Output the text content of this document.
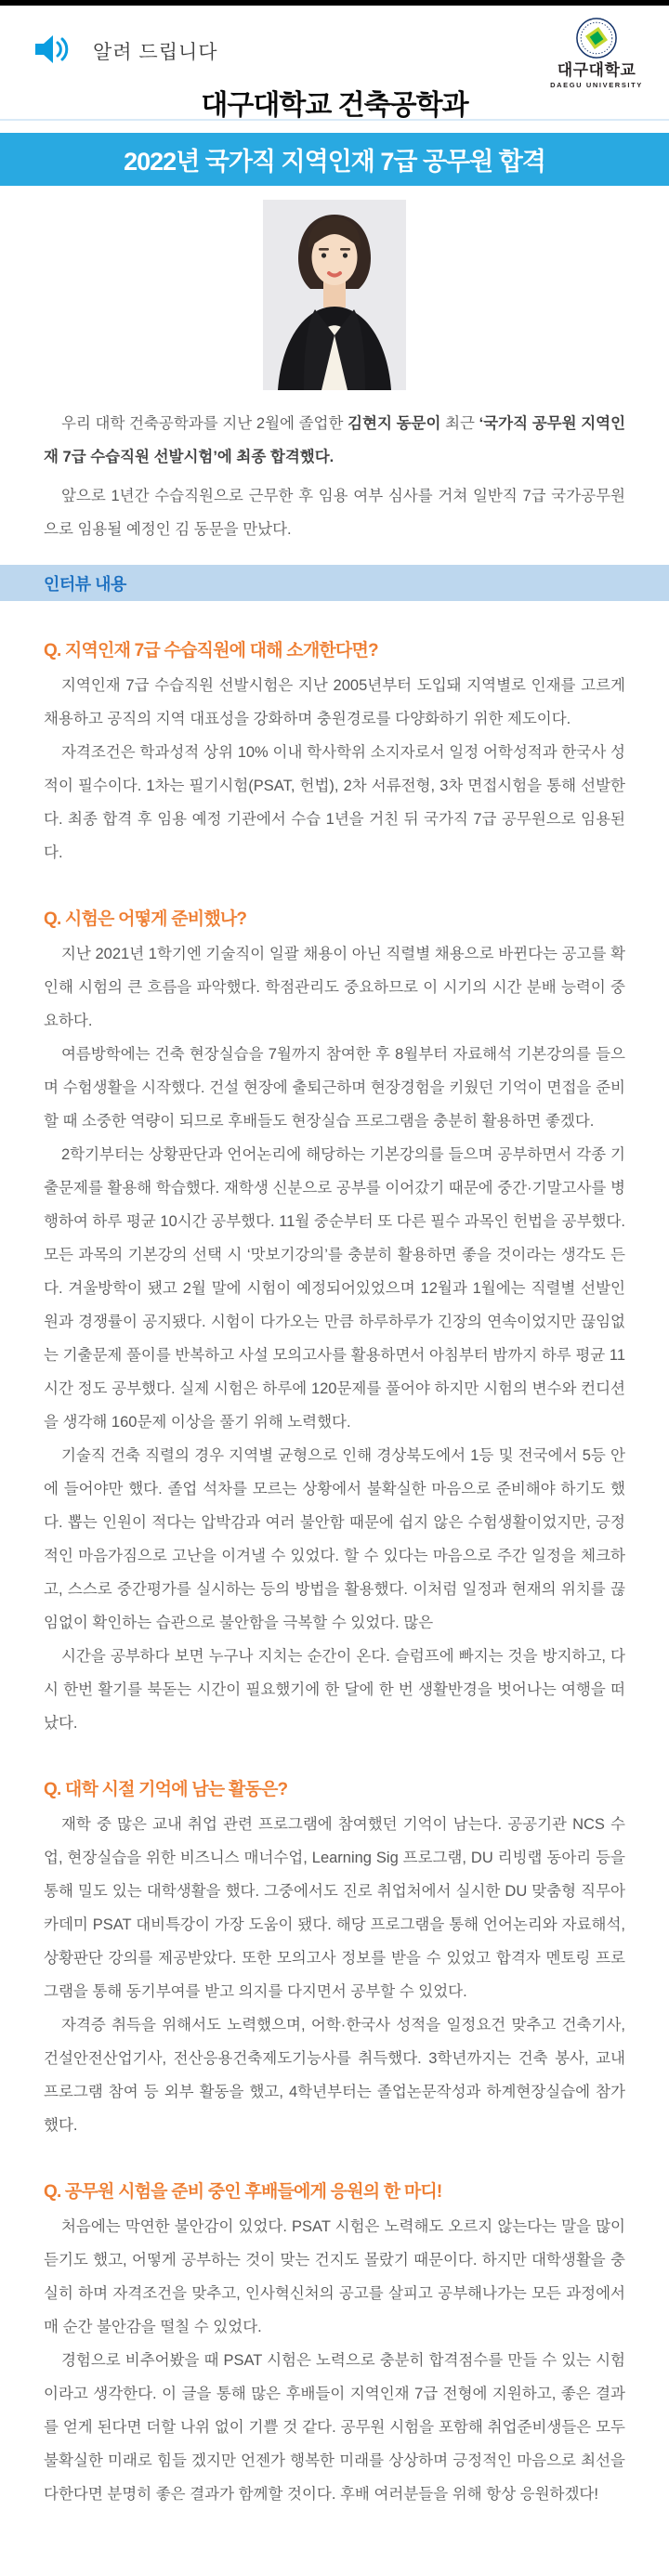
알려 드립니다
대구대학교
DAEGU UNIVERSITY
대구대학교 건축공학과
2022년 국가직 지역인재 7급 공무원 합격

우리 대학 건축공학과를 지난 2월에 졸업한 김현지 동문이 최근 ‘국가직 공무원 지역인재 7급 수습직원 선발시험’에 최종 합격했다.

앞으로 1년간 수습직원으로 근무한 후 임용 여부 심사를 거쳐 일반직 7급 국가공무원으로 임용될 예정인 김 동문을 만났다.

인터뷰 내용
Q. 지역인재 7급 수습직원에 대해 소개한다면?

지역인재 7급 수습직원 선발시험은 지난 2005년부터 도입돼 지역별로 인재를 고르게 채용하고 공직의 지역 대표성을 강화하며 충원경로를 다양화하기 위한 제도이다.

자격조건은 학과성적 상위 10% 이내 학사학위 소지자로서 일정 어학성적과 한국사 성적이 필수이다. 1차는 필기시험(PSAT, 헌법), 2차 서류전형, 3차 면접시험을 통해 선발한다. 최종 합격 후 임용 예정 기관에서 수습 1년을 거친 뒤 국가직 7급 공무원으로 임용된다.

Q. 시험은 어떻게 준비했나?

지난 2021년 1학기엔 기술직이 일괄 채용이 아닌 직렬별 채용으로 바뀐다는 공고를 확인해 시험의 큰 흐름을 파악했다. 학점관리도 중요하므로 이 시기의 시간 분배 능력이 중요하다.

여름방학에는 건축 현장실습을 7월까지 참여한 후 8월부터 자료해석 기본강의를 들으며 수험생활을 시작했다. 건설 현장에 출퇴근하며 현장경험을 키웠던 기억이 면접을 준비할 때 소중한 역량이 되므로 후배들도 현장실습 프로그램을 충분히 활용하면 좋겠다.

2학기부터는 상황판단과 언어논리에 해당하는 기본강의를 들으며 공부하면서 각종 기출문제를 활용해 학습했다. 재학생 신분으로 공부를 이어갔기 때문에 중간·기말고사를 병행하여 하루 평균 10시간 공부했다. 11월 중순부터 또 다른 필수 과목인 헌법을 공부했다. 모든 과목의 기본강의 선택 시 ‘맛보기강의’를 충분히 활용하면 좋을 것이라는 생각도 든다. 겨울방학이 됐고 2월 말에 시험이 예정되어있었으며 12월과 1월에는 직렬별 선발인원과 경쟁률이 공지됐다. 시험이 다가오는 만큼 하루하루가 긴장의 연속이었지만 끊임없는 기출문제 풀이를 반복하고 사설 모의고사를 활용하면서 아침부터 밤까지 하루 평균 11시간 정도 공부했다. 실제 시험은 하루에 120문제를 풀어야 하지만 시험의 변수와 컨디션을 생각해 160문제 이상을 풀기 위해 노력했다.

기술직 건축 직렬의 경우 지역별 균형으로 인해 경상북도에서 1등 및 전국에서 5등 안에 들어야만 했다. 졸업 석차를 모르는 상황에서 불확실한 마음으로 준비해야 하기도 했다. 뽑는 인원이 적다는 압박감과 여러 불안함 때문에 쉽지 않은 수험생활이었지만, 긍정적인 마음가짐으로 고난을 이겨낼 수 있었다. 할 수 있다는 마음으로 주간 일정을 체크하고, 스스로 중간평가를 실시하는 등의 방법을 활용했다. 이처럼 일정과 현재의 위치를 끊임없이 확인하는 습관으로 불안함을 극복할 수 있었다. 많은

시간을 공부하다 보면 누구나 지치는 순간이 온다. 슬럼프에 빠지는 것을 방지하고, 다시 한번 활기를 북돋는 시간이 필요했기에 한 달에 한 번 생활반경을 벗어나는 여행을 떠났다.

Q. 대학 시절 기억에 남는 활동은?

재학 중 많은 교내 취업 관련 프로그램에 참여했던 기억이 남는다. 공공기관 NCS 수업, 현장실습을 위한 비즈니스 매너수업, Learning Sig 프로그램, DU 리빙랩 동아리 등을 통해 밀도 있는 대학생활을 했다. 그중에서도 진로 취업처에서 실시한 DU 맞춤형 직무아카데미 PSAT 대비특강이 가장 도움이 됐다. 해당 프로그램을 통해 언어논리와 자료해석, 상황판단 강의를 제공받았다. 또한 모의고사 정보를 받을 수 있었고 합격자 멘토링 프로그램을 통해 동기부여를 받고 의지를 다지면서 공부할 수 있었다.

자격증 취득을 위해서도 노력했으며, 어학·한국사 성적을 일정요건 맞추고 건축기사, 건설안전산업기사, 전산응용건축제도기능사를 취득했다. 3학년까지는 건축 봉사, 교내 프로그램 참여 등 외부 활동을 했고, 4학년부터는 졸업논문작성과 하계현장실습에 참가했다.

Q. 공무원 시험을 준비 중인 후배들에게 응원의 한 마디!

처음에는 막연한 불안감이 있었다. PSAT 시험은 노력해도 오르지 않는다는 말을 많이 듣기도 했고, 어떻게 공부하는 것이 맞는 건지도 몰랐기 때문이다. 하지만 대학생활을 충실히 하며 자격조건을 맞추고, 인사혁신처의 공고를 살피고 공부해나가는 모든 과정에서 매 순간 불안감을 떨칠 수 있었다.

경험으로 비추어봤을 때 PSAT 시험은 노력으로 충분히 합격점수를 만들 수 있는 시험이라고 생각한다. 이 글을 통해 많은 후배들이 지역인재 7급 전형에 지원하고, 좋은 결과를 얻게 된다면 더할 나위 없이 기쁠 것 같다. 공무원 시험을 포함해 취업준비생들은 모두 불확실한 미래로 힘들 겠지만 언젠가 행복한 미래를 상상하며 긍정적인 마음으로 최선을 다한다면 분명히 좋은 결과가 함께할 것이다. 후배 여러분들을 위해 항상 응원하겠다!
